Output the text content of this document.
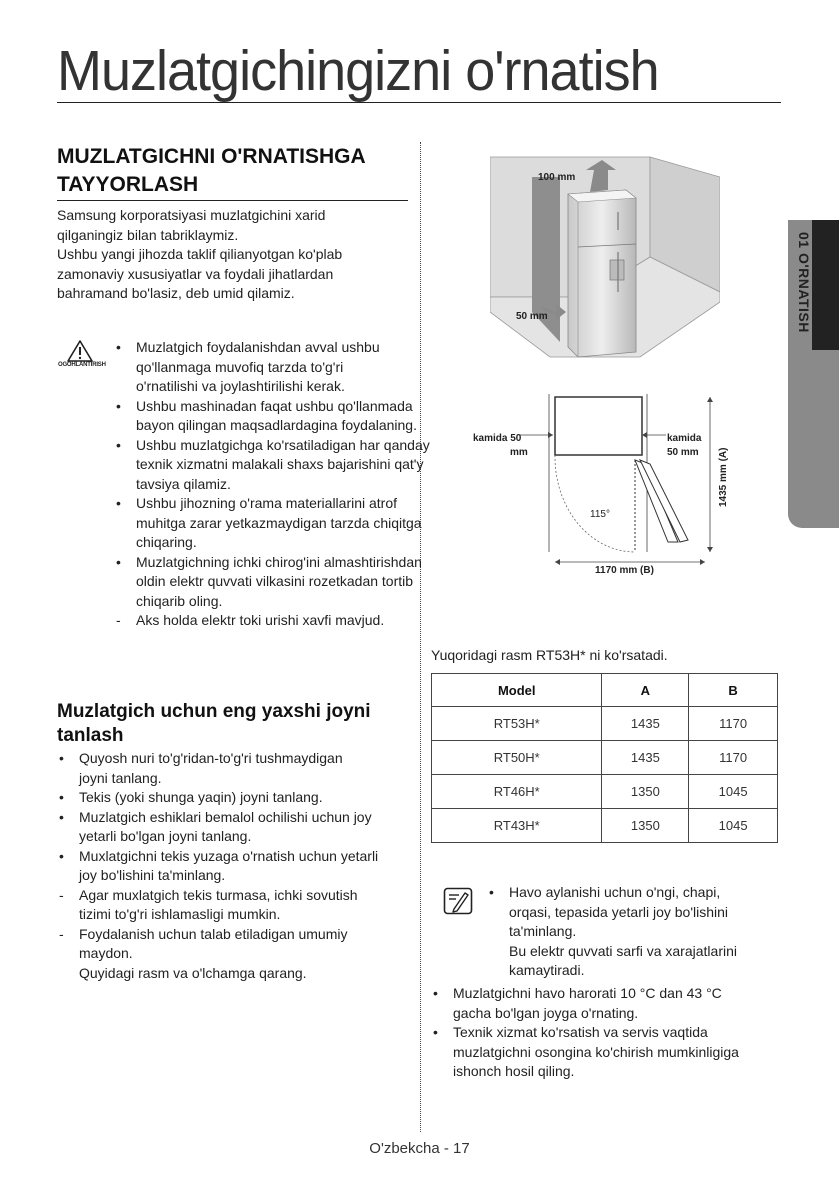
Muzlatgichingizni o'rnatish
01 O'RNATISH
MUZLATGICHNI O'RNATISHGA
TAYYORLASH
Samsung korporatsiyasi muzlatgichini xarid
qilganingiz bilan tabriklaymiz.
Ushbu yangi jihozda taklif qilianyotgan ko'plab
zamonaviy xususiyatlar va foydali jihatlardan
bahramand bo'lasiz, deb umid qilamiz.
OGOHLANTIRISH
•	Muzlatgich foydalanishdan avval ushbu
qo'llanmaga muvofiq tarzda to'g'ri
o'rnatilishi va joylashtirilishi kerak.
•	Ushbu mashinadan faqat ushbu qo'llanmada
bayon qilingan maqsadlardagina foydalaning.
•	Ushbu muzlatgichga ko'rsatiladigan har qanday
texnik xizmatni malakali shaxs bajarishini qat'y
tavsiya qilamiz.
•	Ushbu jihozning o'rama materiallarini atrof
muhitga zarar yetkazmaydigan tarzda chiqitga
chiqaring.
•	Muzlatgichning ichki chirog'ini almashtirishdan
oldin elektr quvvati vilkasini rozetkadan tortib
chiqarib oling.
-	Aks holda elektr toki urishi xavfi mavjud.
Muzlatgich uchun eng yaxshi joyni
tanlash
•	Quyosh nuri to'g'ridan-to'g'ri tushmaydigan
joyni tanlang.
•	Tekis (yoki shunga yaqin) joyni tanlang.
•	Muzlatgich eshiklari bemalol ochilishi uchun joy
yetarli bo'lgan joyni tanlang.
•	Muxlatgichni tekis yuzaga o'rnatish uchun yetarli
joy bo'lishini ta'minlang.
-	Agar muxlatgich tekis turmasa, ichki sovutish
tizimi to'g'ri ishlamasligi mumkin.
-	Foydalanish uchun talab etiladigan umumiy
maydon.
Quyidagi rasm va o'lchamga qarang.
100 mm
50 mm
kamida 50
mm
kamida
50 mm
115°
1170 mm (B)
1435 mm (A)
Yuqoridagi rasm RT53H* ni ko'rsatadi.
Model	A	B
RT53H*	1435	1170
RT50H*	1435	1170
RT46H*	1350	1045
RT43H*	1350	1045
•	Havo aylanishi uchun o'ngi, chapi,
orqasi, tepasida yetarli joy bo'lishini
ta'minlang.
Bu elektr quvvati sarfi va xarajatlarini
kamaytiradi.
•	Muzlatgichni havo harorati 10 °C dan 43 °C
gacha bo'lgan joyga o'rnating.
•	Texnik xizmat ko'rsatish va servis vaqtida
muzlatgichni osongina ko'chirish mumkinligiga
ishonch hosil qiling.
O'zbekcha - 17
